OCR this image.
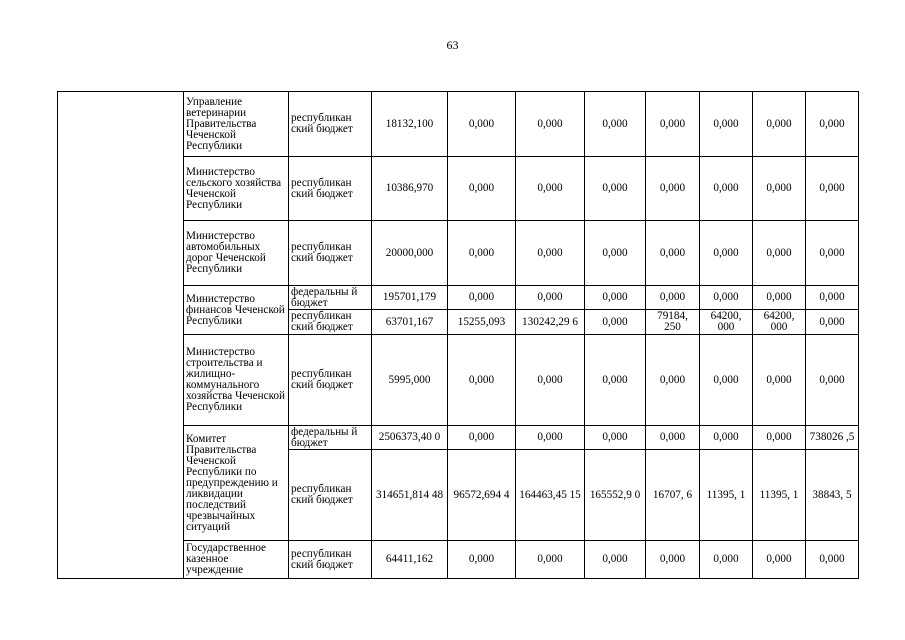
63
	Управление ветеринарии Правительства Чеченской Республики	республикан ский бюджет	18132,100	0,000	0,000	0,000	0,000	0,000	0,000	0,000
	Министерство сельского хозяйства Чеченской Республики	республикан ский бюджет	10386,970	0,000	0,000	0,000	0,000	0,000	0,000	0,000
	Министерство автомобильных дорог Чеченской Республики	республикан ский бюджет	20000,000	0,000	0,000	0,000	0,000	0,000	0,000	0,000
	Министерство финансов Чеченской Республики	федеральны й бюджет	195701,179	0,000	0,000	0,000	0,000	0,000	0,000	0,000
		республикан ский бюджет	63701,167	15255,093	130242,29 6	0,000	79184, 250	64200, 000	64200, 000	0,000
	Министерство строительства и жилищно-коммунального хозяйства Чеченской Республики	республикан ский бюджет	5995,000	0,000	0,000	0,000	0,000	0,000	0,000	0,000
	Комитет Правительства Чеченской Республики по предупреждению и ликвидации последствий чрезвычайных ситуаций	федеральны й бюджет	2506373,40 0	0,000	0,000	0,000	0,000	0,000	0,000	738026 ,5
		республикан ский бюджет	314651,814 48	96572,694 4	164463,45 15	165552,9 0	16707, 6	11395, 1	11395, 1	38843, 5
	Государственное казенное учреждение	республикан ский бюджет	64411,162	0,000	0,000	0,000	0,000	0,000	0,000	0,000
